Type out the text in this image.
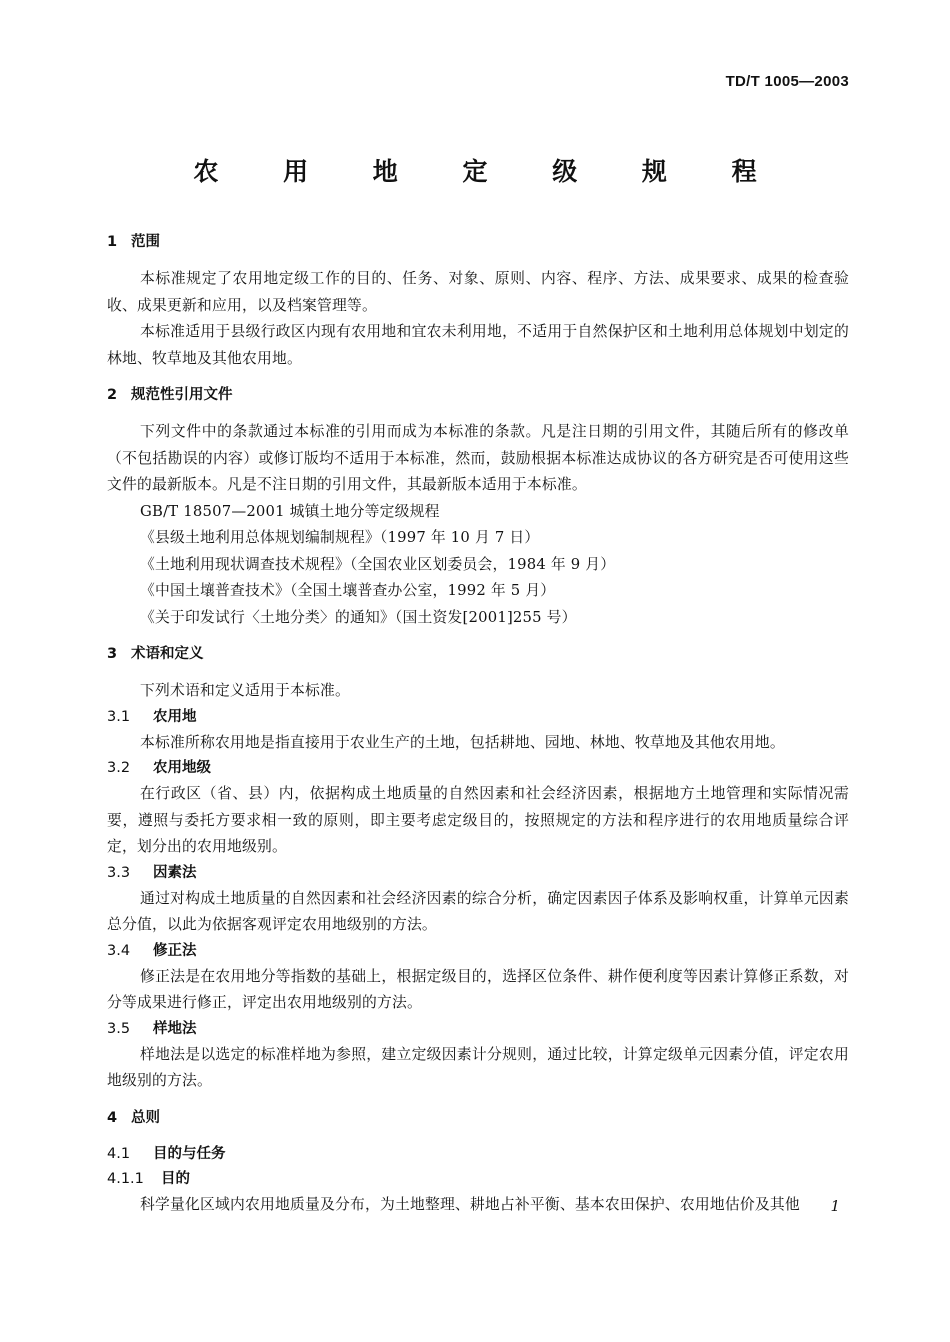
TD/T 1005—2003
农 用 地 定 级 规 程
1 范围

本标准规定了农用地定级工作的目的、任务、对象、原则、内容、程序、方法、成果要求、成果的检查验收、成果更新和应用，以及档案管理等。

本标准适用于县级行政区内现有农用地和宜农未利用地，不适用于自然保护区和土地利用总体规划中划定的林地、牧草地及其他农用地。

2 规范性引用文件

下列文件中的条款通过本标准的引用而成为本标准的条款。凡是注日期的引用文件，其随后所有的修改单（不包括勘误的内容）或修订版均不适用于本标准，然而，鼓励根据本标准达成协议的各方研究是否可使用这些文件的最新版本。凡是不注日期的引用文件，其最新版本适用于本标准。

GB/T 18507—2001 城镇土地分等定级规程

《县级土地利用总体规划编制规程》（1997 年 10 月 7 日）

《土地利用现状调查技术规程》（全国农业区划委员会，1984 年 9 月）

《中国土壤普查技术》（全国土壤普查办公室，1992 年 5 月）

《关于印发试行〈土地分类〉的通知》（国土资发[2001]255 号）

3 术语和定义

下列术语和定义适用于本标准。

3.1 农用地

本标准所称农用地是指直接用于农业生产的土地，包括耕地、园地、林地、牧草地及其他农用地。

3.2 农用地级

在行政区（省、县）内，依据构成土地质量的自然因素和社会经济因素，根据地方土地管理和实际情况需要，遵照与委托方要求相一致的原则，即主要考虑定级目的，按照规定的方法和程序进行的农用地质量综合评定，划分出的农用地级别。

3.3 因素法

通过对构成土地质量的自然因素和社会经济因素的综合分析，确定因素因子体系及影响权重，计算单元因素总分值，以此为依据客观评定农用地级别的方法。

3.4 修正法

修正法是在农用地分等指数的基础上，根据定级目的，选择区位条件、耕作便利度等因素计算修正系数，对分等成果进行修正，评定出农用地级别的方法。

3.5 样地法

样地法是以选定的标准样地为参照，建立定级因素计分规则，通过比较，计算定级单元因素分值，评定农用地级别的方法。

4 总则
4.1 目的与任务
4.1.1 目的

科学量化区域内农用地质量及分布，为土地整理、耕地占补平衡、基本农田保护、农用地估价及其他	1
